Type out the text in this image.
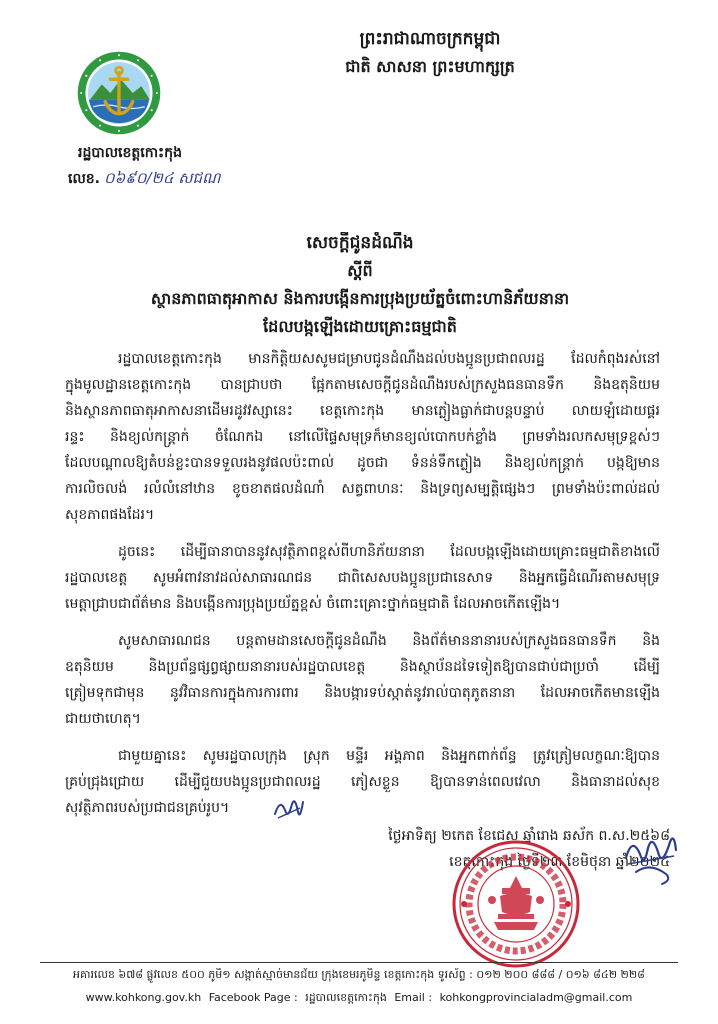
ព្រះរាជាណាចក្រកម្ពុជា
ជាតិ សាសនា ព្រះមហាក្សត្រ
រដ្ឋបាលខេត្តកោះកុង
លេខ. ០៦៩០/២៤ សជណ
សេចក្តីជូនដំណឹង
ស្តីពី
ស្ថានភាពធាតុអាកាស និងការបង្កើនការប្រុងប្រយ័ត្នចំពោះហានិភ័យនានា
ដែលបង្កឡើងដោយគ្រោះធម្មជាតិ
រដ្ឋបាលខេត្តកោះកុង មានកិត្តិយសសូមជម្រាបជូនដំណឹងដល់បងប្អូនប្រជាពលរដ្ឋ ដែលកំពុងរស់នៅ
ក្នុងមូលដ្ឋានខេត្តកោះកុង បានជ្រាបថា ផ្អែកតាមសេចក្តីជូនដំណឹងរបស់ក្រសួងធនធានទឹក និងឧតុនិយម
និងស្ថានភាពធាតុអាកាសនាដើមរដូវវស្សានេះ ខេត្តកោះកុង មានភ្លៀងធ្លាក់ជាបន្តបន្ទាប់ លាយឡំដោយផ្គរ
រន្ទះ និងខ្យល់កន្ត្រាក់ ចំណែកឯ នៅលើផ្ទៃសមុទ្រក៏មានខ្យល់បោកបក់ខ្លាំង ព្រមទាំងរលកសមុទ្រខ្ពស់ៗ
ដែលបណ្តាលឱ្យតំបន់ខ្លះបានទទួលរងនូវផលប៉ះពាល់ ដូចជា ទំនន់ទឹកភ្លៀង និងខ្យល់កន្ត្រាក់ បង្កឱ្យមាន
ការលិចលង់ រលំលំនៅឋាន ខូចខាតផលដំណាំ សត្វពាហនៈ និងទ្រព្យសម្បត្តិផ្សេងៗ ព្រមទាំងប៉ះពាល់ដល់
សុខភាពផងដែរ។
ដូចនេះ ដើម្បីធានាបាននូវសុវត្ថិភាពខ្ពស់ពីហានិភ័យនានា ដែលបង្កឡើងដោយគ្រោះធម្មជាតិខាងលើ
រដ្ឋបាលខេត្ត សូមអំពាវនាវដល់សាធារណជន ជាពិសេសបងប្អូនប្រជានេសាទ និងអ្នកធ្វើដំណើរតាមសមុទ្រ
មេត្តាជ្រាបជាព័ត៌មាន និងបង្កើនការប្រុងប្រយ័ត្នខ្ពស់ ចំពោះគ្រោះថ្នាក់ធម្មជាតិ ដែលអាចកើតឡើង។
សូមសាធារណជន បន្តតាមដានសេចក្តីជូនដំណឹង និងព័ត៌មាននានារបស់ក្រសួងធនធានទឹក និង
ឧតុនិយម និងប្រព័ន្ធផ្សព្វផ្សាយនានារបស់រដ្ឋបាលខេត្ត និងស្ថាប័នដទៃទៀតឱ្យបានជាប់ជាប្រចាំ ដើម្បី
ត្រៀមទុកជាមុន នូវវិធានការក្នុងការការពារ និងបង្ការទប់ស្កាត់នូវរាល់បាតុភូតនានា ដែលអាចកើតមានឡើង
ជាយថាហេតុ។
ជាមួយគ្នានេះ សូមរដ្ឋបាលក្រុង ស្រុក មន្ទីរ អង្គភាព និងអ្នកពាក់ព័ន្ធ ត្រូវត្រៀមលក្ខណៈឱ្យបាន
គ្រប់ជ្រុងជ្រោយ ដើម្បីជួយបងប្អូនប្រជាពលរដ្ឋ ភៀសខ្លួន ឱ្យបានទាន់ពេលវេលា និងធានាដល់សុខ
សុវត្ថិភាពរបស់ប្រជាជនគ្រប់រូប។
ថ្ងៃអាទិត្យ ២កេត ខែជេស្ឋ ឆ្នាំរោង ឆស័ក ព.ស.២៥៦៨
ខេត្តកោះកុង ថ្ងៃទី២៣ ខែមិថុនា ឆ្នាំ២០២៤
អគារលេខ ៦៧៨ ផ្លូវលេខ ៥០០ ភូមិ១ សង្កាត់ស្មាច់មានជ័យ ក្រុងខេមរភូមិន្ទ ខេត្តកោះកុង ទូរស័ព្ទ : ០១២ ២០០ ៨៨៨ / ០១៦ ៨៤២ ២២៨
www.kohkong.gov.kh Facebook Page : រដ្ឋបាលខេត្តកោះកុង Email : kohkongprovincialadm@gmail.com
